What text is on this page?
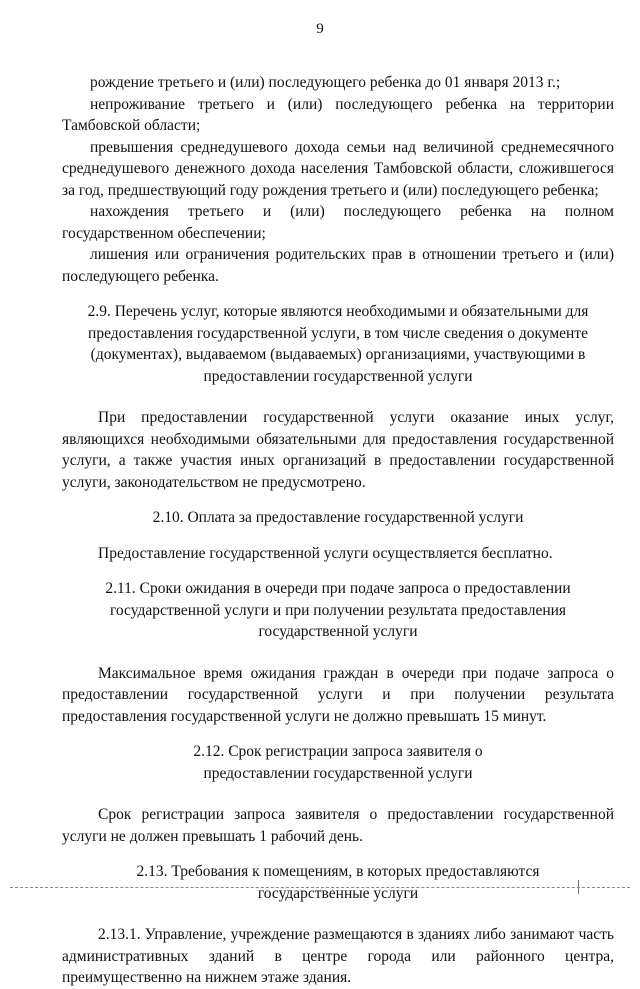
9

рождение третьего и (или) последующего ребенка до 01 января 2013 г.;

непроживание третьего и (или) последующего ребенка на территории Тамбовской области;

превышения среднедушевого дохода семьи над величиной среднемесячного среднедушевого денежного дохода населения Тамбовской области, сложившегося за год, предшествующий году рождения третьего и (или) последующего ребенка;

нахождения третьего и (или) последующего ребенка на полном государственном обеспечении;

лишения или ограничения родительских прав в отношении третьего и (или) последующего ребенка.

2.9. Перечень услуг, которые являются необходимыми и обязательными для предоставления государственной услуги, в том числе сведения о документе (документах), выдаваемом (выдаваемых) организациями, участвующими в предоставлении государственной услуги

При предоставлении государственной услуги оказание иных услуг, являющихся необходимыми обязательными для предоставления государственной услуги, а также участия иных организаций в предоставлении государственной услуги, законодательством не предусмотрено.

2.10. Оплата за предоставление государственной услуги

Предоставление государственной услуги осуществляется бесплатно.

2.11. Сроки ожидания в очереди при подаче запроса о предоставлении государственной услуги и при получении результата предоставления государственной услуги

Максимальное время ожидания граждан в очереди при подаче запроса о предоставлении государственной услуги и при получении результата предоставления государственной услуги не должно превышать 15 минут.

2.12. Срок регистрации запроса заявителя о предоставлении государственной услуги

Срок регистрации запроса заявителя о предоставлении государственной услуги не должен превышать 1 рабочий день.

2.13. Требования к помещениям, в которых предоставляются государственные услуги

2.13.1. Управление, учреждение размещаются в зданиях либо занимают часть административных зданий в центре города или районного центра, преимущественно на нижнем этаже здания.
